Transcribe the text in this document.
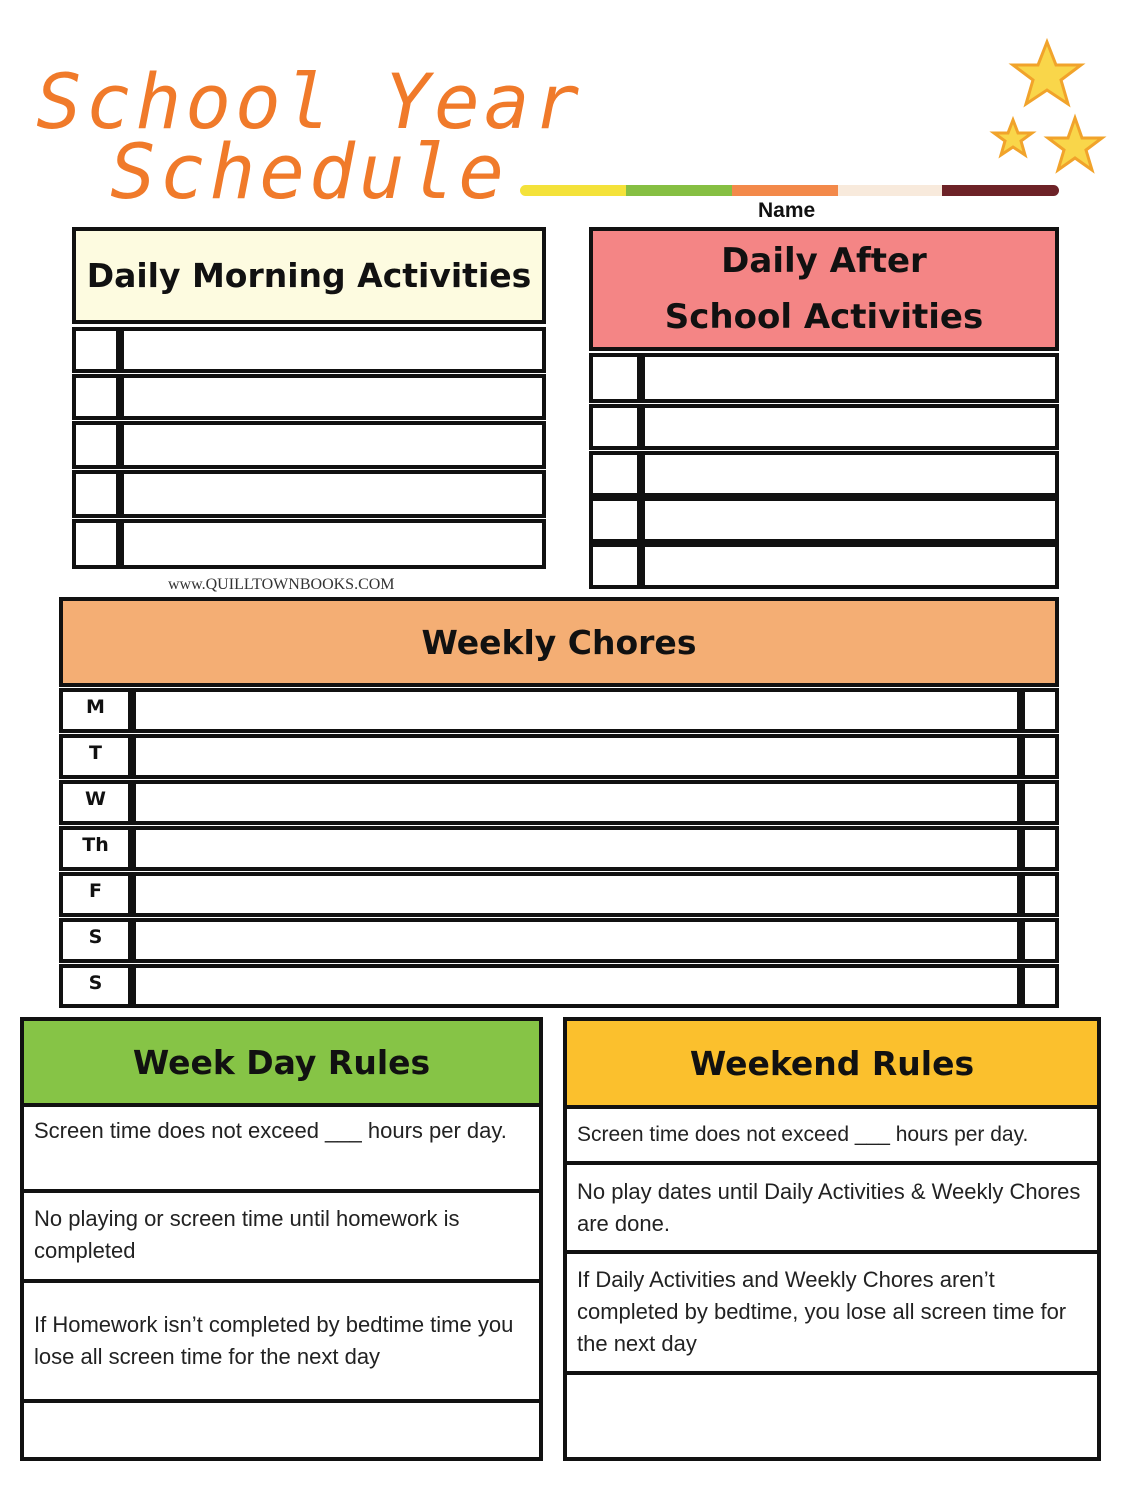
School Year
Schedule	Name
Daily Morning Activities	Daily After School Activities
www.QUILLTOWNBOOKS.COM
Weekly Chores
M
T
W
Th
F
S
S
Week Day Rules
Screen time does not exceed ___ hours per day.
No playing or screen time until homework is completed
If Homework isn’t completed by bedtime time you lose all screen time for the next day
Weekend Rules
Screen time does not exceed ___ hours per day.
No play dates until Daily Activities & Weekly Chores are done.
If Daily Activities and Weekly Chores aren’t completed by bedtime, you lose all screen time for the next day
